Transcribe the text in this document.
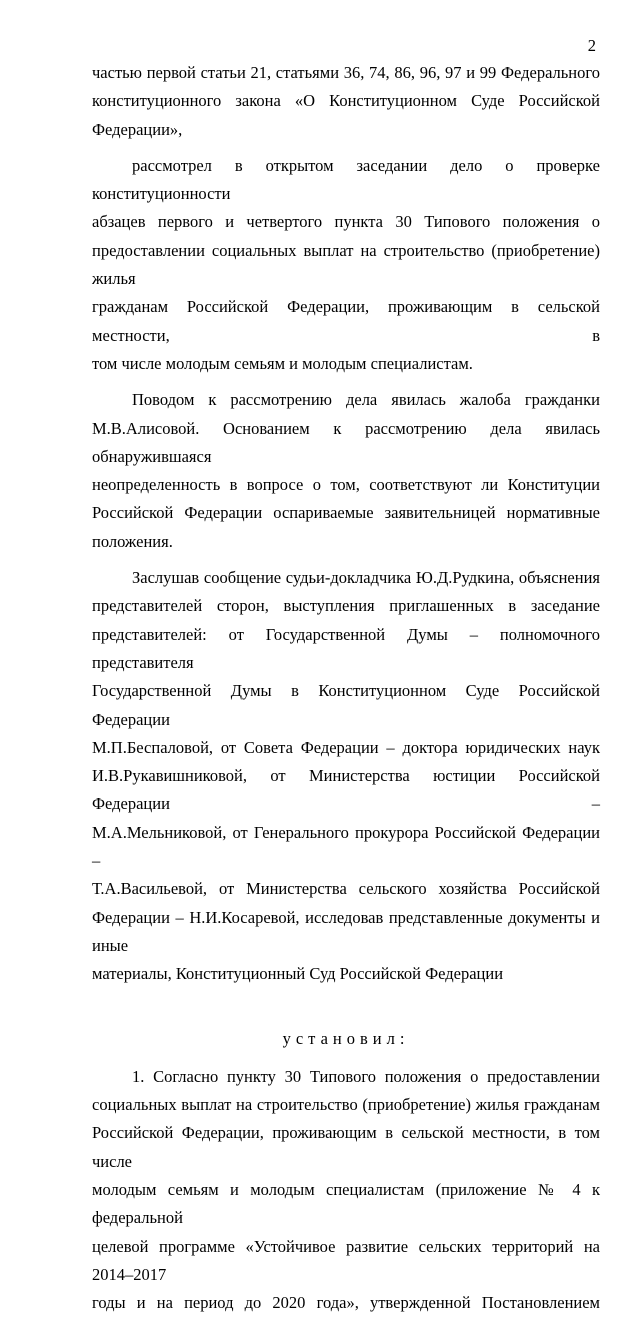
2

частью первой статьи 21, статьями 36, 74, 86, 96, 97 и 99 Федерального

конституционного закона «О Конституционном Суде Российской

Федерации»,

рассмотрел в открытом заседании дело о проверке конституционности

абзацев первого и четвертого пункта 30 Типового положения о

предоставлении социальных выплат на строительство (приобретение) жилья

гражданам Российской Федерации, проживающим в сельской местности, в

том числе молодым семьям и молодым специалистам.

Поводом к рассмотрению дела явилась жалоба гражданки

М.В.Алисовой. Основанием к рассмотрению дела явилась обнаружившаяся

неопределенность в вопросе о том, соответствуют ли Конституции

Российской Федерации оспариваемые заявительницей нормативные

положения.

Заслушав сообщение судьи-докладчика Ю.Д.Рудкина, объяснения

представителей сторон, выступления приглашенных в заседание

представителей: от Государственной Думы – полномочного представителя

Государственной Думы в Конституционном Суде Российской Федерации

М.П.Беспаловой, от Совета Федерации – доктора юридических наук

И.В.Рукавишниковой, от Министерства юстиции Российской Федерации –

М.А.Мельниковой, от Генерального прокурора Российской Федерации –

Т.А.Васильевой, от Министерства сельского хозяйства Российской

Федерации – Н.И.Косаревой, исследовав представленные документы и иные

материалы, Конституционный Суд Российской Федерации

установил:

1. Согласно пункту 30 Типового положения о предоставлении

социальных выплат на строительство (приобретение) жилья гражданам

Российской Федерации, проживающим в сельской местности, в том числе

молодым семьям и молодым специалистам (приложение № 4 к федеральной

целевой программе «Устойчивое развитие сельских территорий на 2014–2017

годы и на период до 2020 года», утвержденной Постановлением
